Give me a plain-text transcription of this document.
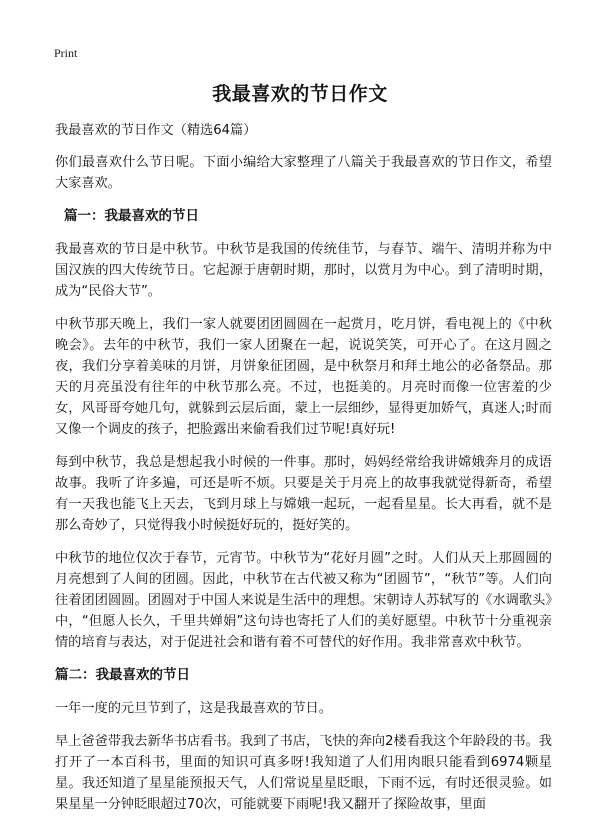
Print
我最喜欢的节日作文

我最喜欢的节日作文（精选64篇）

你们最喜欢什么节日呢。下面小编给大家整理了八篇关于我最喜欢的节日作文，希望大家喜欢。

篇一：我最喜欢的节日

我最喜欢的节日是中秋节。中秋节是我国的传统佳节，与春节、端午、清明并称为中国汉族的四大传统节日。它起源于唐朝时期，那时，以赏月为中心。到了清明时期，成为“民俗大节”。

中秋节那天晚上，我们一家人就要团团圆圆在一起赏月，吃月饼，看电视上的《中秋晚会》。去年的中秋节，我们一家人团聚在一起，说说笑笑，可开心了。在这月圆之夜，我们分享着美味的月饼，月饼象征团圆，是中秋祭月和拜土地公的必备祭品。那天的月亮虽没有往年的中秋节那么亮。不过，也挺美的。月亮时而像一位害羞的少女，风哥哥夸她几句，就躲到云层后面，蒙上一层细纱，显得更加娇气，真迷人;时而又像一个调皮的孩子，把脸露出来偷看我们过节呢!真好玩!

每到中秋节，我总是想起我小时候的一件事。那时，妈妈经常给我讲嫦娥奔月的成语故事。我听了许多遍，可还是听不烦。只要是关于月亮上的故事我就觉得新奇，希望有一天我也能飞上天去，飞到月球上与嫦娥一起玩，一起看星星。长大再看，就不是那么奇妙了，只觉得我小时候挺好玩的，挺好笑的。

中秋节的地位仅次于春节，元宵节。中秋节为“花好月圆”之时。人们从天上那圆圆的月亮想到了人间的团圆。因此，中秋节在古代被又称为“团圆节”，“秋节”等。人们向往着团团圆圆。团圆对于中国人来说是生活中的理想。宋朝诗人苏轼写的《水调歌头》中，“但愿人长久，千里共婵娟”这句诗也寄托了人们的美好愿望。中秋节十分重视亲情的培育与表达，对于促进社会和谐有着不可替代的好作用。我非常喜欢中秋节。

篇二：我最喜欢的节日

一年一度的元旦节到了，这是我最喜欢的节日。

早上爸爸带我去新华书店看书。我到了书店，飞快的奔向2楼看我这个年龄段的书。我打开了一本百科书，里面的知识可真多呀!我知道了人们用肉眼只能看到6974颗星星。我还知道了星星能预报天气，人们常说星星眨眼，下雨不远，有时还很灵验。如果星星一分钟眨眼超过70次，可能就要下雨呢!我又翻开了探险故事，里面
